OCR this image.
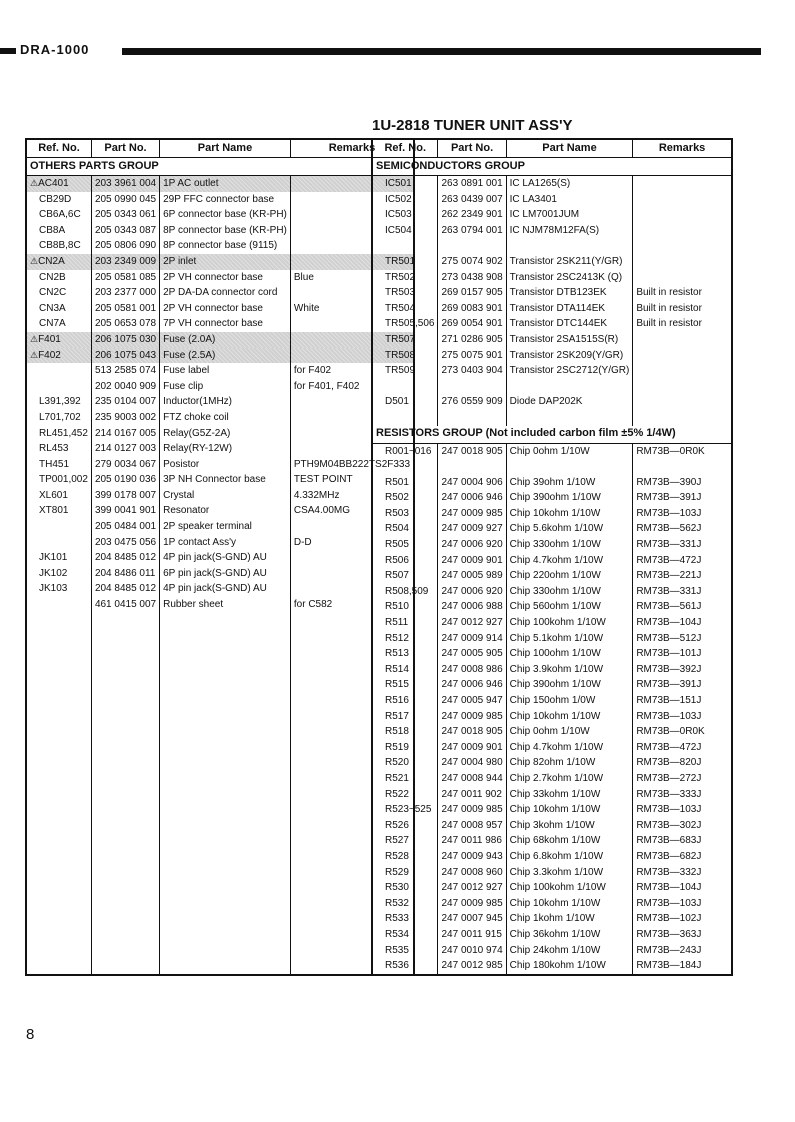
DRA-1000
1U-2818 TUNER UNIT ASS'Y
Ref. No.	Part No.	Part Name	Remarks
OTHERS PARTS GROUP			
⚠AC401	203 3961 004	1P AC outlet	
CB29D	205 0990 045	29P FFC connector base	
CB6A,6C	205 0343 061	6P connector base (KR-PH)	
CB8A	205 0343 087	8P connector base (KR-PH)	
CB8B,8C	205 0806 090	8P connector base (9115)	
⚠CN2A	203 2349 009	2P inlet	
CN2B	205 0581 085	2P VH connector base	Blue
CN2C	203 2377 000	2P DA-DA connector cord	
CN3A	205 0581 001	2P VH connector base	White
CN7A	205 0653 078	7P VH connector base	
⚠F401	206 1075 030	Fuse (2.0A)	
⚠F402	206 1075 043	Fuse (2.5A)	
	513 2585 074	Fuse label	for F402
	202 0040 909	Fuse clip	for F401, F402
L391,392	235 0104 007	Inductor(1MHz)	
L701,702	235 9003 002	FTZ choke coil	
RL451,452	214 0167 005	Relay(G5Z-2A)	
RL453	214 0127 003	Relay(RY-12W)	
TH451	279 0034 067	Posistor	PTH9M04BB222TS2F333
TP001,002	205 0190 036	3P NH Connector base	TEST POINT
XL601	399 0178 007	Crystal	4.332MHz
XT801	399 0041 901	Resonator	CSA4.00MG
	205 0484 001	2P speaker terminal	
	203 0475 056	1P contact Ass'y	D-D
JK101	204 8485 012	4P pin jack(S-GND) AU	
JK102	204 8486 011	6P pin jack(S-GND) AU	
JK103	204 8485 012	4P pin jack(S-GND) AU	
	461 0415 007	Rubber sheet	for C582

Ref. No.	Part No.	Part Name	Remarks
SEMICONDUCTORS GROUP			
IC501	263 0891 001	IC LA1265(S)	
IC502	263 0439 007	IC LA3401	
IC503	262 2349 901	IC LM7001JUM	
IC504	263 0794 001	IC NJM78M12FA(S)	

TR501	275 0074 902	Transistor 2SK211(Y/GR)	
TR502	273 0438 908	Transistor 2SC2413K (Q)	
TR503	269 0157 905	Transistor DTB123EK	Built in resistor
TR504	269 0083 901	Transistor DTA114EK	Built in resistor
TR505,506	269 0054 901	Transistor DTC144EK	Built in resistor
TR507	271 0286 905	Transistor 2SA1515S(R)	
TR508	275 0075 901	Transistor 2SK209(Y/GR)	
TR509	273 0403 904	Transistor 2SC2712(Y/GR)	

D501	276 0559 909	Diode DAP202K	

RESISTORS GROUP (Not included carbon film ±5% 1/4W)			
R001~016	247 0018 905	Chip 0ohm 1/10W	RM73B—0R0K

R501	247 0004 906	Chip 39ohm 1/10W	RM73B—390J
R502	247 0006 946	Chip 390ohm 1/10W	RM73B—391J
R503	247 0009 985	Chip 10kohm 1/10W	RM73B—103J
R504	247 0009 927	Chip 5.6kohm 1/10W	RM73B—562J
R505	247 0006 920	Chip 330ohm 1/10W	RM73B—331J
R506	247 0009 901	Chip 4.7kohm 1/10W	RM73B—472J
R507	247 0005 989	Chip 220ohm 1/10W	RM73B—221J
R508,509	247 0006 920	Chip 330ohm 1/10W	RM73B—331J
R510	247 0006 988	Chip 560ohm 1/10W	RM73B—561J
R511	247 0012 927	Chip 100kohm 1/10W	RM73B—104J
R512	247 0009 914	Chip 5.1kohm 1/10W	RM73B—512J
R513	247 0005 905	Chip 100ohm 1/10W	RM73B—101J
R514	247 0008 986	Chip 3.9kohm 1/10W	RM73B—392J
R515	247 0006 946	Chip 390ohm 1/10W	RM73B—391J
R516	247 0005 947	Chip 150ohm 1/0W	RM73B—151J
R517	247 0009 985	Chip 10kohm 1/10W	RM73B—103J
R518	247 0018 905	Chip 0ohm 1/10W	RM73B—0R0K
R519	247 0009 901	Chip 4.7kohm 1/10W	RM73B—472J
R520	247 0004 980	Chip 82ohm 1/10W	RM73B—820J
R521	247 0008 944	Chip 2.7kohm 1/10W	RM73B—272J
R522	247 0011 902	Chip 33kohm 1/10W	RM73B—333J
R523~525	247 0009 985	Chip 10kohm 1/10W	RM73B—103J
R526	247 0008 957	Chip 3kohm 1/10W	RM73B—302J
R527	247 0011 986	Chip 68kohm 1/10W	RM73B—683J
R528	247 0009 943	Chip 6.8kohm 1/10W	RM73B—682J
R529	247 0008 960	Chip 3.3kohm 1/10W	RM73B—332J
R530	247 0012 927	Chip 100kohm 1/10W	RM73B—104J
R532	247 0009 985	Chip 10kohm 1/10W	RM73B—103J
R533	247 0007 945	Chip 1kohm 1/10W	RM73B—102J
R534	247 0011 915	Chip 36kohm 1/10W	RM73B—363J
R535	247 0010 974	Chip 24kohm 1/10W	RM73B—243J
R536	247 0012 985	Chip 180kohm 1/10W	RM73B—184J
8
